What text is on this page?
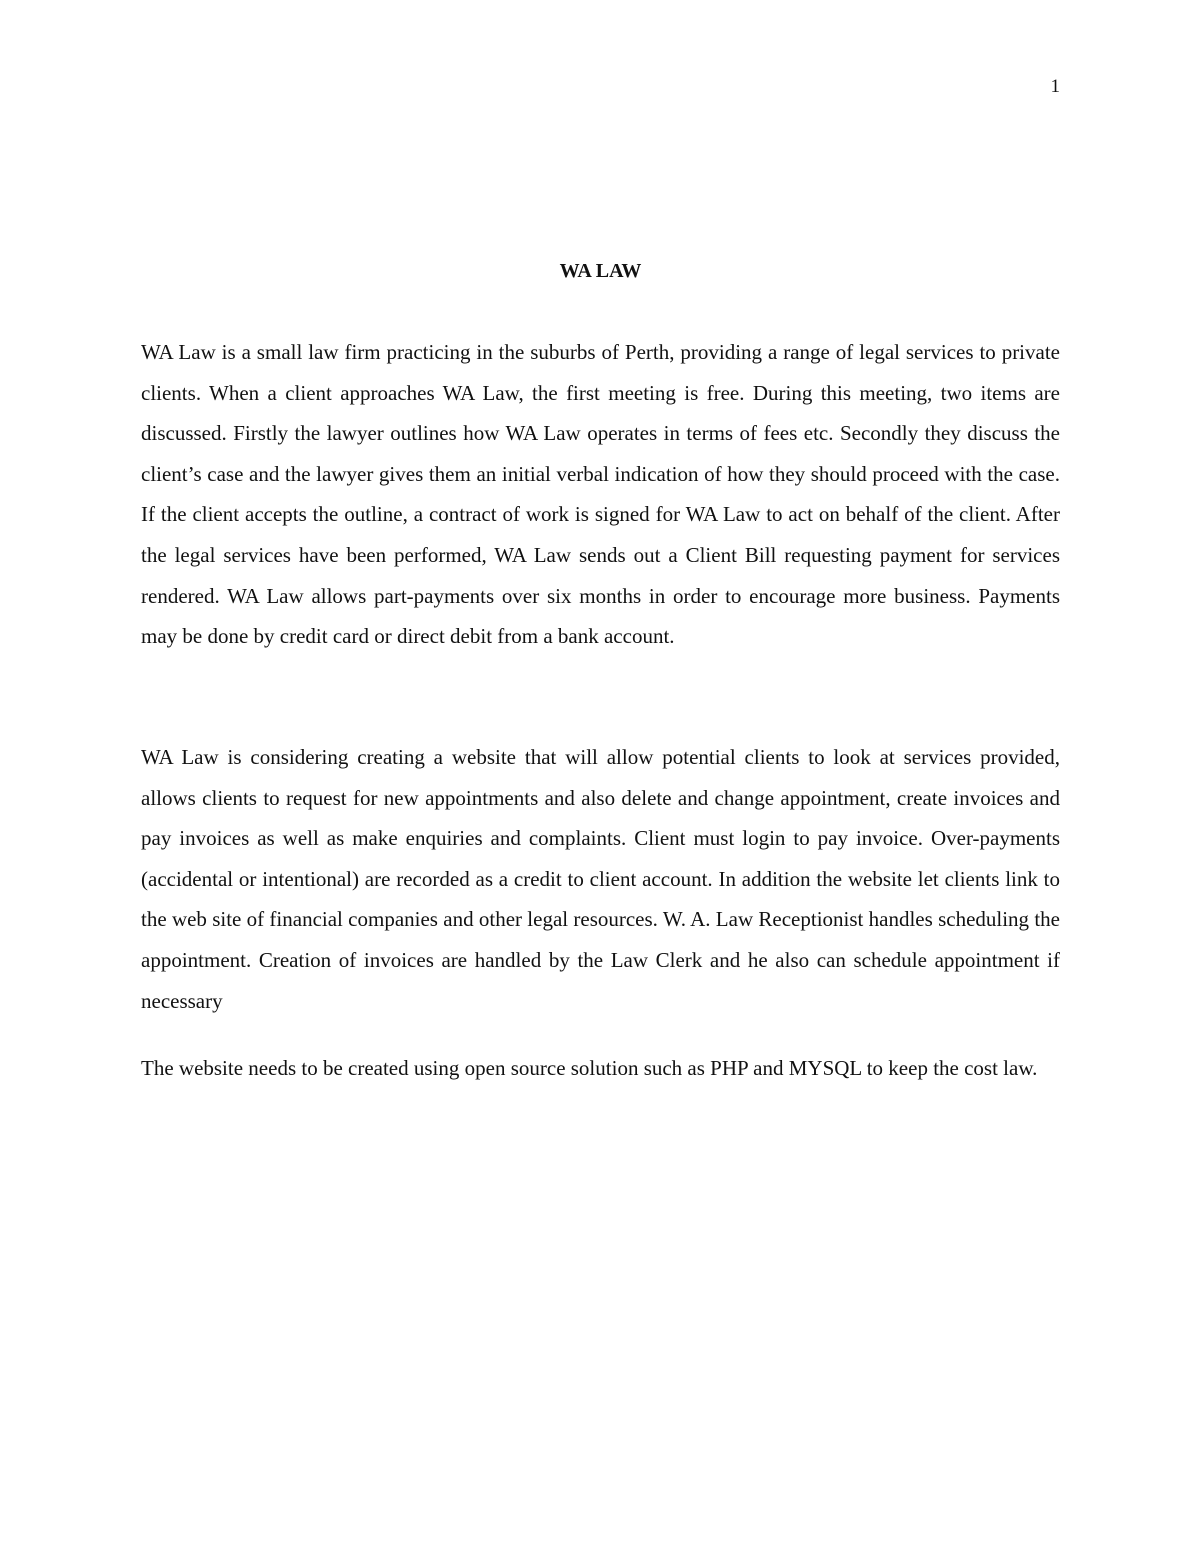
1
WA LAW

WA Law is a small law firm practicing in the suburbs of Perth, providing a range of legal services to private clients. When a client approaches WA Law, the first meeting is free. During this meeting, two items are discussed. Firstly the lawyer outlines how WA Law operates in terms of fees etc. Secondly they discuss the client’s case and the lawyer gives them an initial verbal indication of how they should proceed with the case. If the client accepts the outline, a contract of work is signed for WA Law to act on behalf of the client. After the legal services have been performed, WA Law sends out a Client Bill requesting payment for services rendered. WA Law allows part-payments over six months in order to encourage more business. Payments may be done by credit card or direct debit from a bank account.

WA Law is considering creating a website that will allow potential clients to look at services provided, allows clients to request for new appointments and also delete and change appointment, create invoices and pay invoices as well as make enquiries and complaints. Client must login to pay invoice. Over-payments (accidental or intentional) are recorded as a credit to client account. In addition the website let clients link to the web site of financial companies and other legal resources. W. A. Law Receptionist handles scheduling the appointment. Creation of invoices are handled by the Law Clerk and he also can schedule appointment if necessary

The website needs to be created using open source solution such as PHP and MYSQL to keep the cost law.
